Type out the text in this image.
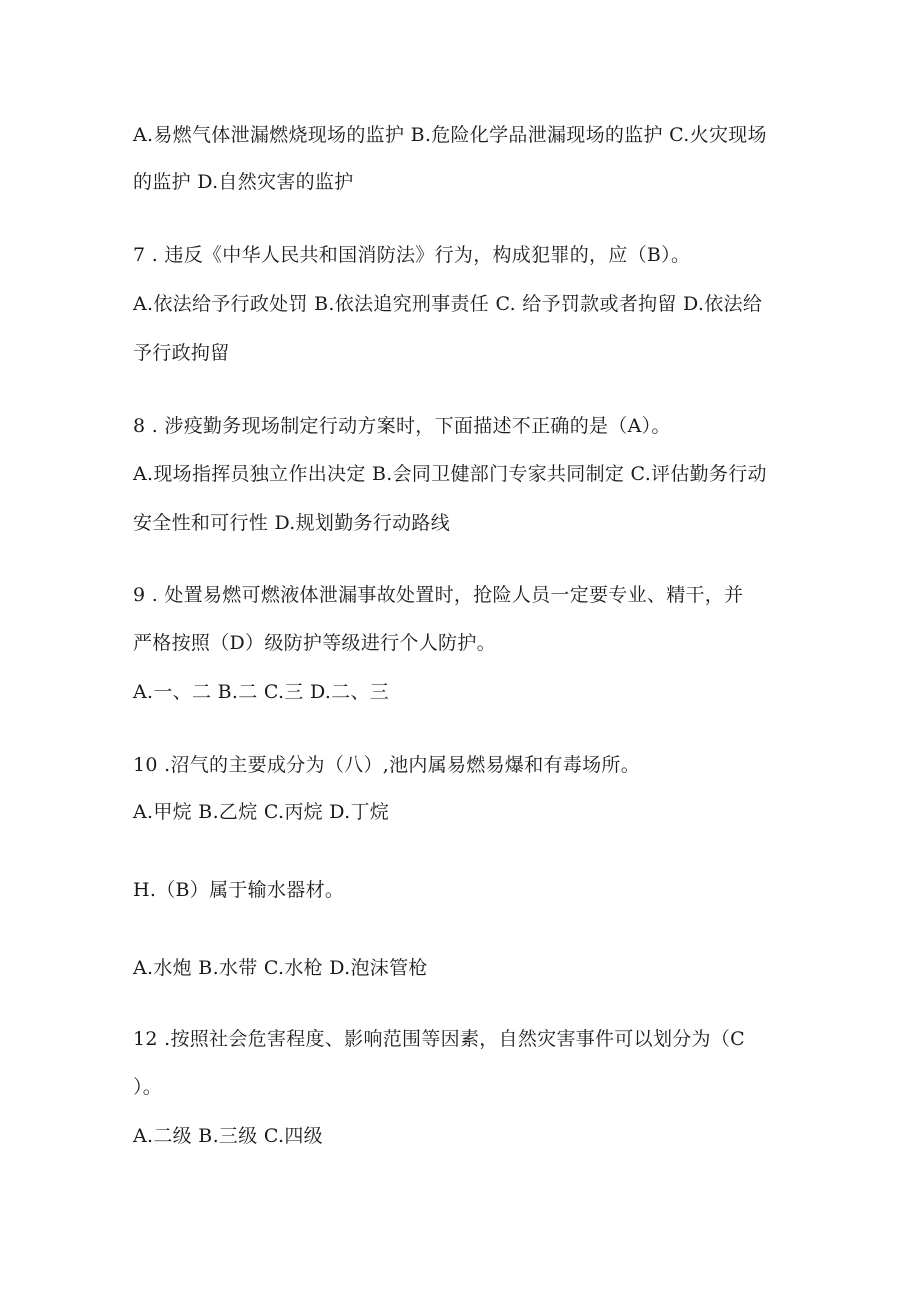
A.易燃气体泄漏燃烧现场的监护 B.危险化学品泄漏现场的监护 C.火灾现场
的监护 D.自然灾害的监护
7 . 违反《中华人民共和国消防法》行为，构成犯罪的，应（B）。
A.依法给予行政处罚 B.依法追究刑事责任 C. 给予罚款或者拘留 D.依法给
予行政拘留
8 . 涉疫勤务现场制定行动方案时，下面描述不正确的是（A）。
A.现场指挥员独立作出决定 B.会同卫健部门专家共同制定 C.评估勤务行动
安全性和可行性 D.规划勤务行动路线
9 . 处置易燃可燃液体泄漏事故处置时，抢险人员一定要专业、精干，并
严格按照（D）级防护等级进行个人防护。
A.一、二 B.二 C.三 D.二、三
10 .沼气的主要成分为（八）,池内属易燃易爆和有毒场所。
A.甲烷 B.乙烷 C.丙烷 D.丁烷
H.（B）属于输水器材。
A.水炮 B.水带 C.水枪 D.泡沫管枪
12 .按照社会危害程度、影响范围等因素，自然灾害事件可以划分为（C
）。
A.二级 B.三级 C.四级
